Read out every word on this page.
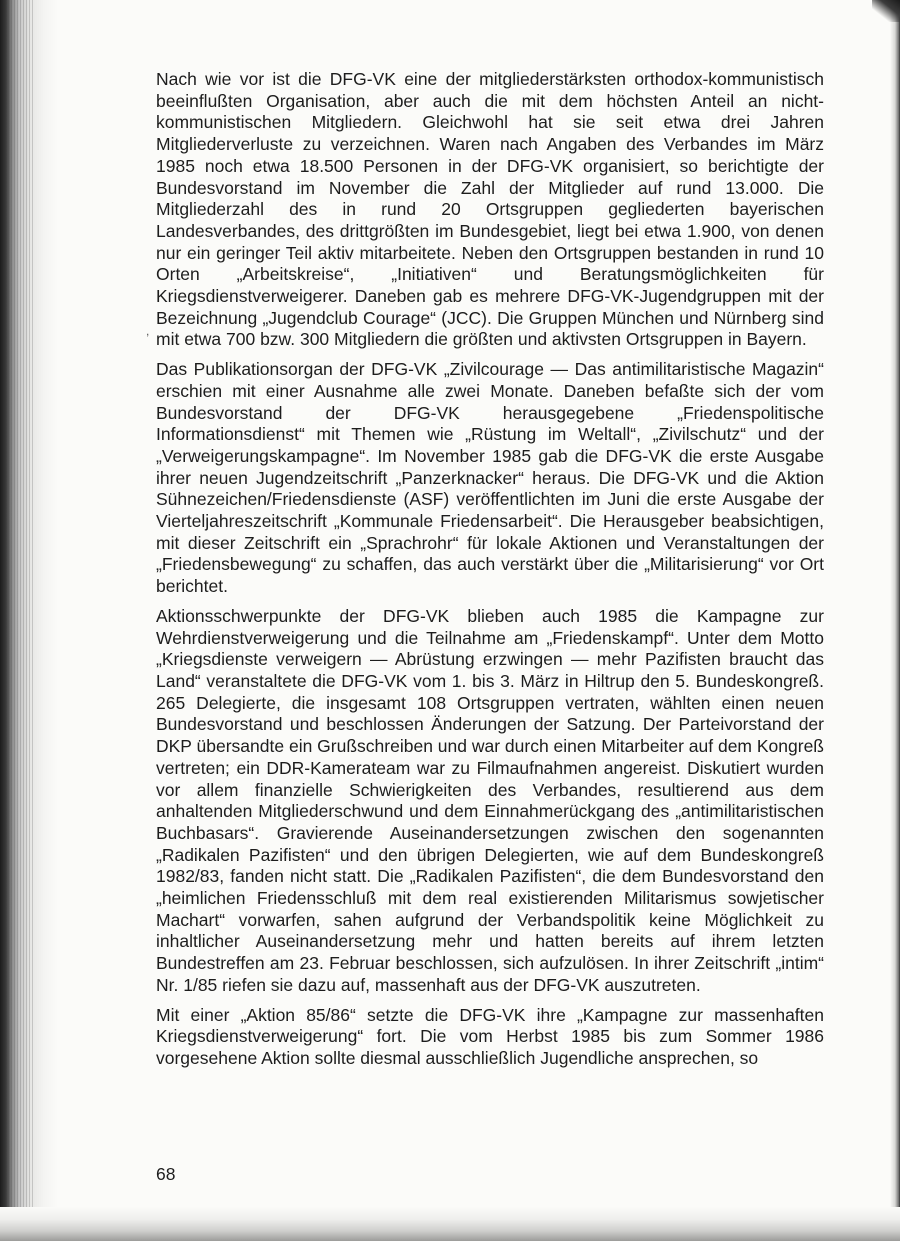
,

Nach wie vor ist die DFG-VK eine der mitgliederstärksten orthodox-kommunistisch beeinflußten Organisation, aber auch die mit dem höchsten Anteil an nicht-kommunistischen Mitgliedern. Gleichwohl hat sie seit etwa drei Jahren Mitgliederverluste zu verzeichnen. Waren nach Angaben des Verbandes im März 1985 noch etwa 18.500 Personen in der DFG-VK organisiert, so berichtigte der Bundesvorstand im November die Zahl der Mitglieder auf rund 13.000. Die Mitgliederzahl des in rund 20 Ortsgruppen gegliederten bayerischen Landesverbandes, des drittgrößten im Bundesgebiet, liegt bei etwa 1.900, von denen nur ein geringer Teil aktiv mitarbeitete. Neben den Ortsgruppen bestanden in rund 10 Orten „Arbeitskreise“, „Initiativen“ und Beratungsmöglichkeiten für Kriegsdienstverweigerer. Daneben gab es mehrere DFG-VK-Jugendgruppen mit der Bezeichnung „Jugendclub Courage“ (JCC). Die Gruppen München und Nürnberg sind mit etwa 700 bzw. 300 Mitgliedern die größten und aktivsten Ortsgruppen in Bayern.

Das Publikationsorgan der DFG-VK „Zivilcourage — Das antimilitaristische Magazin“ erschien mit einer Ausnahme alle zwei Monate. Daneben befaßte sich der vom Bundesvorstand der DFG-VK herausgegebene „Friedenspolitische Informationsdienst“ mit Themen wie „Rüstung im Weltall“, „Zivilschutz“ und der „Verweigerungskampagne“. Im November 1985 gab die DFG-VK die erste Ausgabe ihrer neuen Jugendzeitschrift „Panzerknacker“ heraus. Die DFG-VK und die Aktion Sühnezeichen/Friedensdienste (ASF) veröffentlichten im Juni die erste Ausgabe der Vierteljahreszeitschrift „Kommunale Friedensarbeit“. Die Herausgeber beabsichtigen, mit dieser Zeitschrift ein „Sprachrohr“ für lokale Aktionen und Veranstaltungen der „Friedensbewegung“ zu schaffen, das auch verstärkt über die „Militarisierung“ vor Ort berichtet.

Aktionsschwerpunkte der DFG-VK blieben auch 1985 die Kampagne zur Wehrdienstverweigerung und die Teilnahme am „Friedenskampf“. Unter dem Motto „Kriegsdienste verweigern — Abrüstung erzwingen — mehr Pazifisten braucht das Land“ veranstaltete die DFG-VK vom 1. bis 3. März in Hiltrup den 5. Bundeskongreß. 265 Delegierte, die insgesamt 108 Ortsgruppen vertraten, wählten einen neuen Bundesvorstand und beschlossen Änderungen der Satzung. Der Parteivorstand der DKP übersandte ein Grußschreiben und war durch einen Mitarbeiter auf dem Kongreß vertreten; ein DDR-Kamerateam war zu Filmaufnahmen angereist. Diskutiert wurden vor allem finanzielle Schwierigkeiten des Verbandes, resultierend aus dem anhaltenden Mitgliederschwund und dem Einnahmerückgang des „antimilitaristischen Buchbasars“. Gravierende Auseinandersetzungen zwischen den sogenannten „Radikalen Pazifisten“ und den übrigen Delegierten, wie auf dem Bundeskongreß 1982/83, fanden nicht statt. Die „Radikalen Pazifisten“, die dem Bundesvorstand den „heimlichen Friedensschluß mit dem real existierenden Militarismus sowjetischer Machart“ vorwarfen, sahen aufgrund der Verbandspolitik keine Möglichkeit zu inhaltlicher Auseinandersetzung mehr und hatten bereits auf ihrem letzten Bundestreffen am 23. Februar beschlossen, sich aufzulösen. In ihrer Zeitschrift „intim“ Nr. 1/85 riefen sie dazu auf, massenhaft aus der DFG-VK auszutreten.

Mit einer „Aktion 85/86“ setzte die DFG-VK ihre „Kampagne zur massenhaften Kriegsdienstverweigerung“ fort. Die vom Herbst 1985 bis zum Sommer 1986 vorgesehene Aktion sollte diesmal ausschließlich Jugendliche ansprechen, so

68
